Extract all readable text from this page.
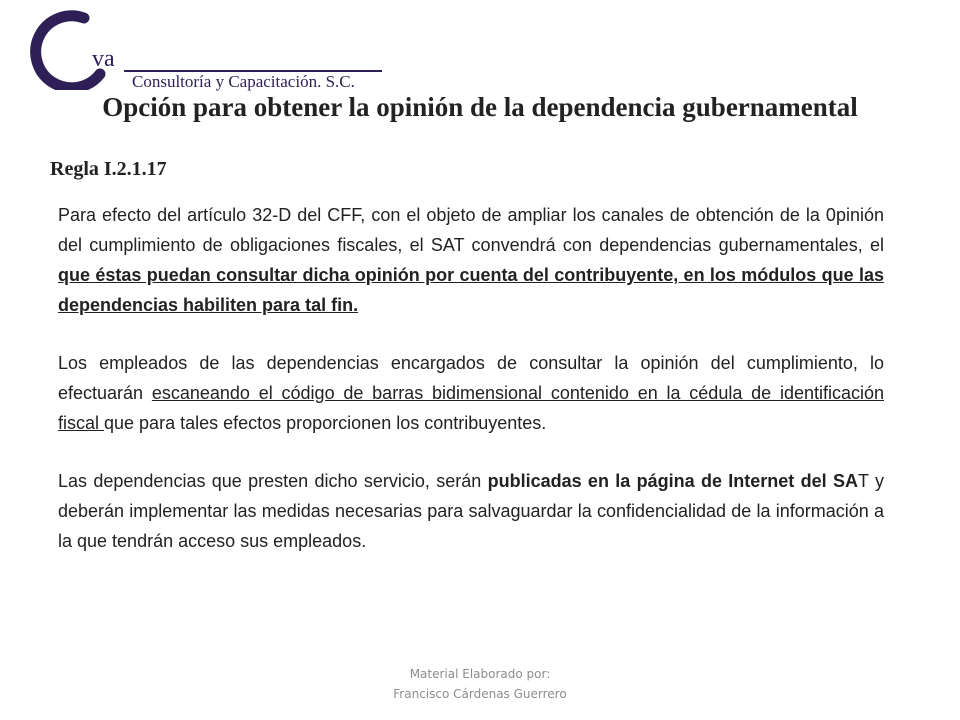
va
Consultoría y Capacitación. S.C.
Opción para obtener la opinión de la dependencia gubernamental
Regla I.2.1.17

Para efecto del artículo 32-D del CFF, con el objeto de ampliar los canales de obtención de la 0pinión del cumplimiento de obligaciones fiscales, el SAT convendrá con dependencias gubernamentales, el que éstas puedan consultar dicha opinión por cuenta del contribuyente, en los módulos que las dependencias habiliten para tal fin.

Los empleados de las dependencias encargados de consultar la opinión del cumplimiento, lo efectuarán escaneando el código de barras bidimensional contenido en la cédula de identificación fiscal que para tales efectos proporcionen los contribuyentes.

Las dependencias que presten dicho servicio, serán publicadas en la página de Internet del SAT y deberán implementar las medidas necesarias para salvaguardar la confidencialidad de la información a la que tendrán acceso sus empleados.

Material Elaborado por:
Francisco Cárdenas Guerrero
